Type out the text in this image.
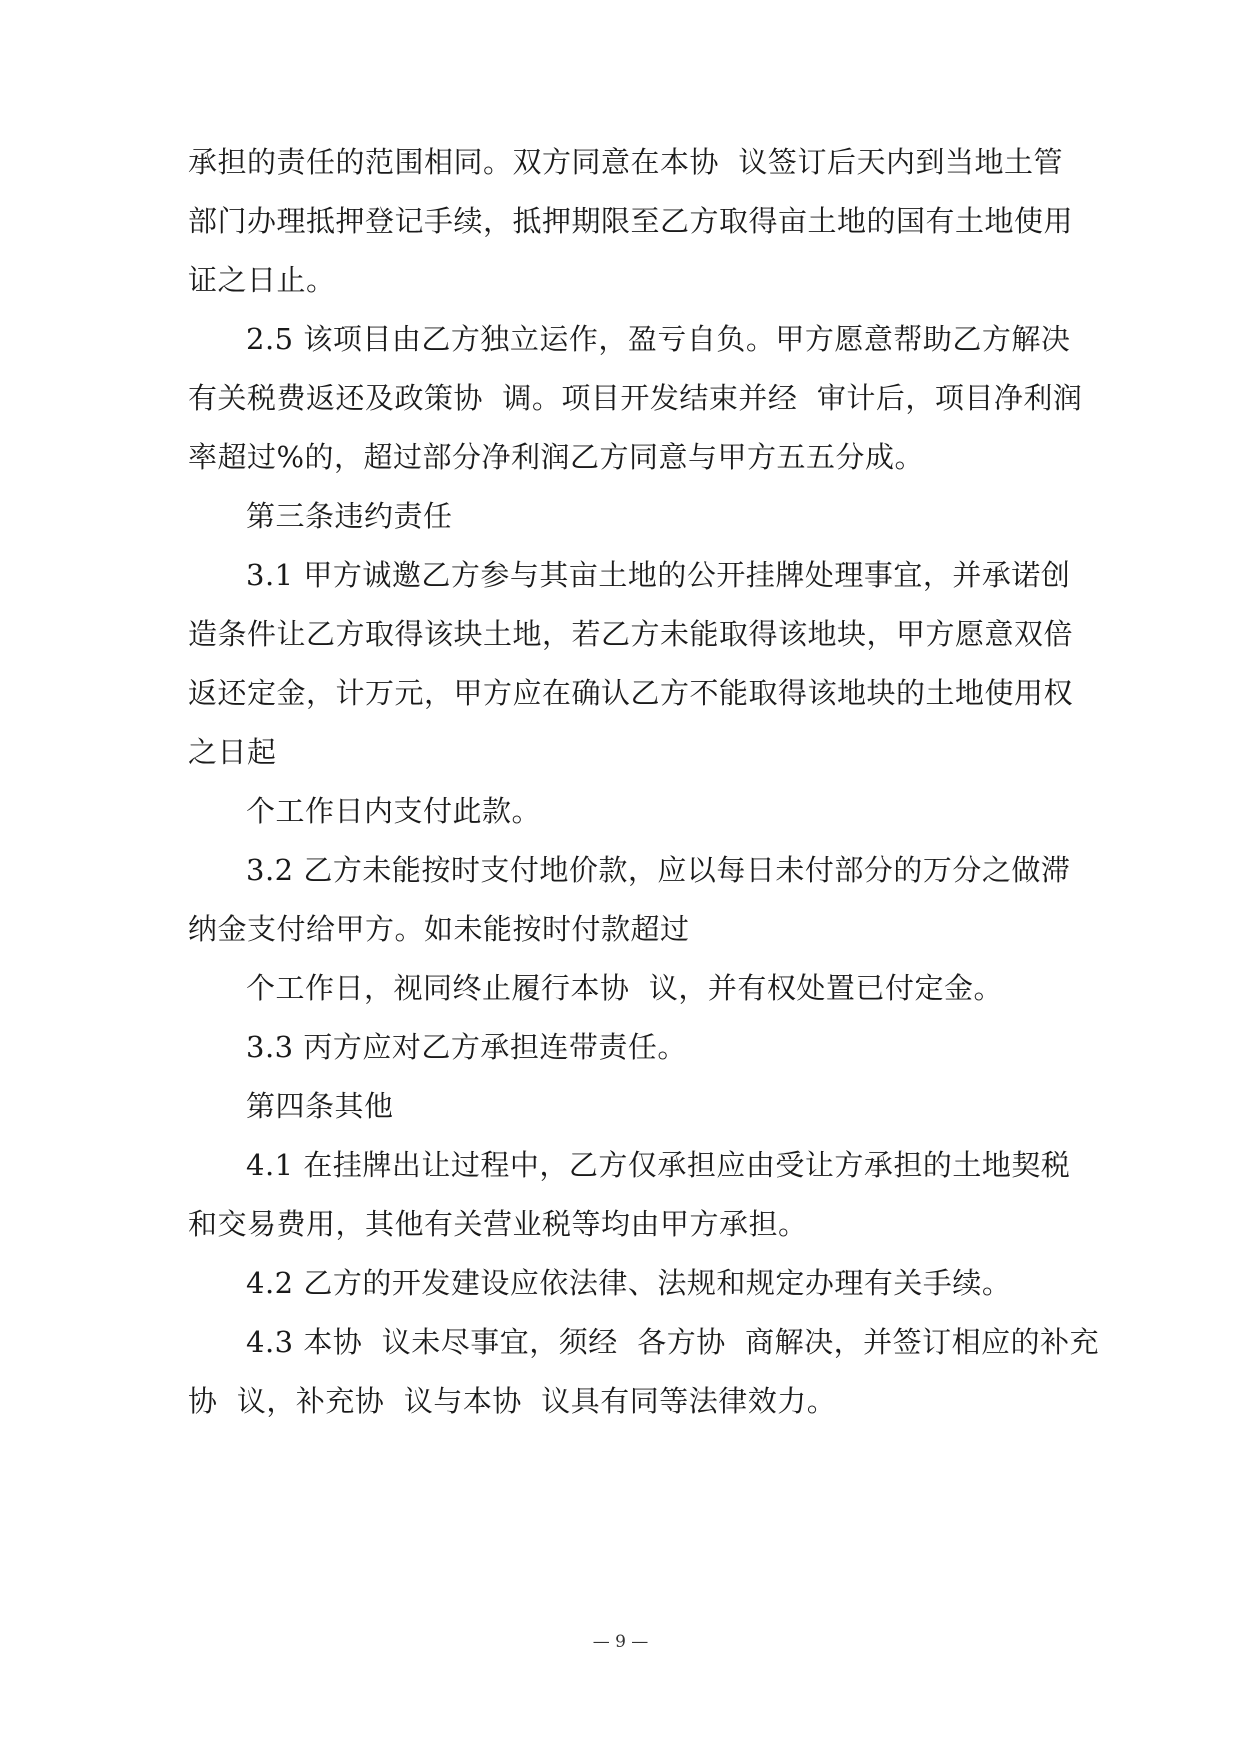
承担的责任的范围相同。双方同意在本协  议签订后天内到当地土管
部门办理抵押登记手续，抵押期限至乙方取得亩土地的国有土地使用
证之日止。
2.5 该项目由乙方独立运作，盈亏自负。甲方愿意帮助乙方解决
有关税费返还及政策协  调。项目开发结束并经  审计后，项目净利润
率超过%的，超过部分净利润乙方同意与甲方五五分成。
第三条违约责任
3.1 甲方诚邀乙方参与其亩土地的公开挂牌处理事宜，并承诺创
造条件让乙方取得该块土地，若乙方未能取得该地块，甲方愿意双倍
返还定金，计万元，甲方应在确认乙方不能取得该地块的土地使用权
之日起
个工作日内支付此款。
3.2 乙方未能按时支付地价款，应以每日未付部分的万分之做滞
纳金支付给甲方。如未能按时付款超过
个工作日，视同终止履行本协  议，并有权处置已付定金。
3.3 丙方应对乙方承担连带责任。
第四条其他
4.1 在挂牌出让过程中，乙方仅承担应由受让方承担的土地契税
和交易费用，其他有关营业税等均由甲方承担。
4.2 乙方的开发建设应依法律、法规和规定办理有关手续。
4.3 本协  议未尽事宜，须经  各方协  商解决，并签订相应的补充
协  议，补充协  议与本协  议具有同等法律效力。
— 9 —
